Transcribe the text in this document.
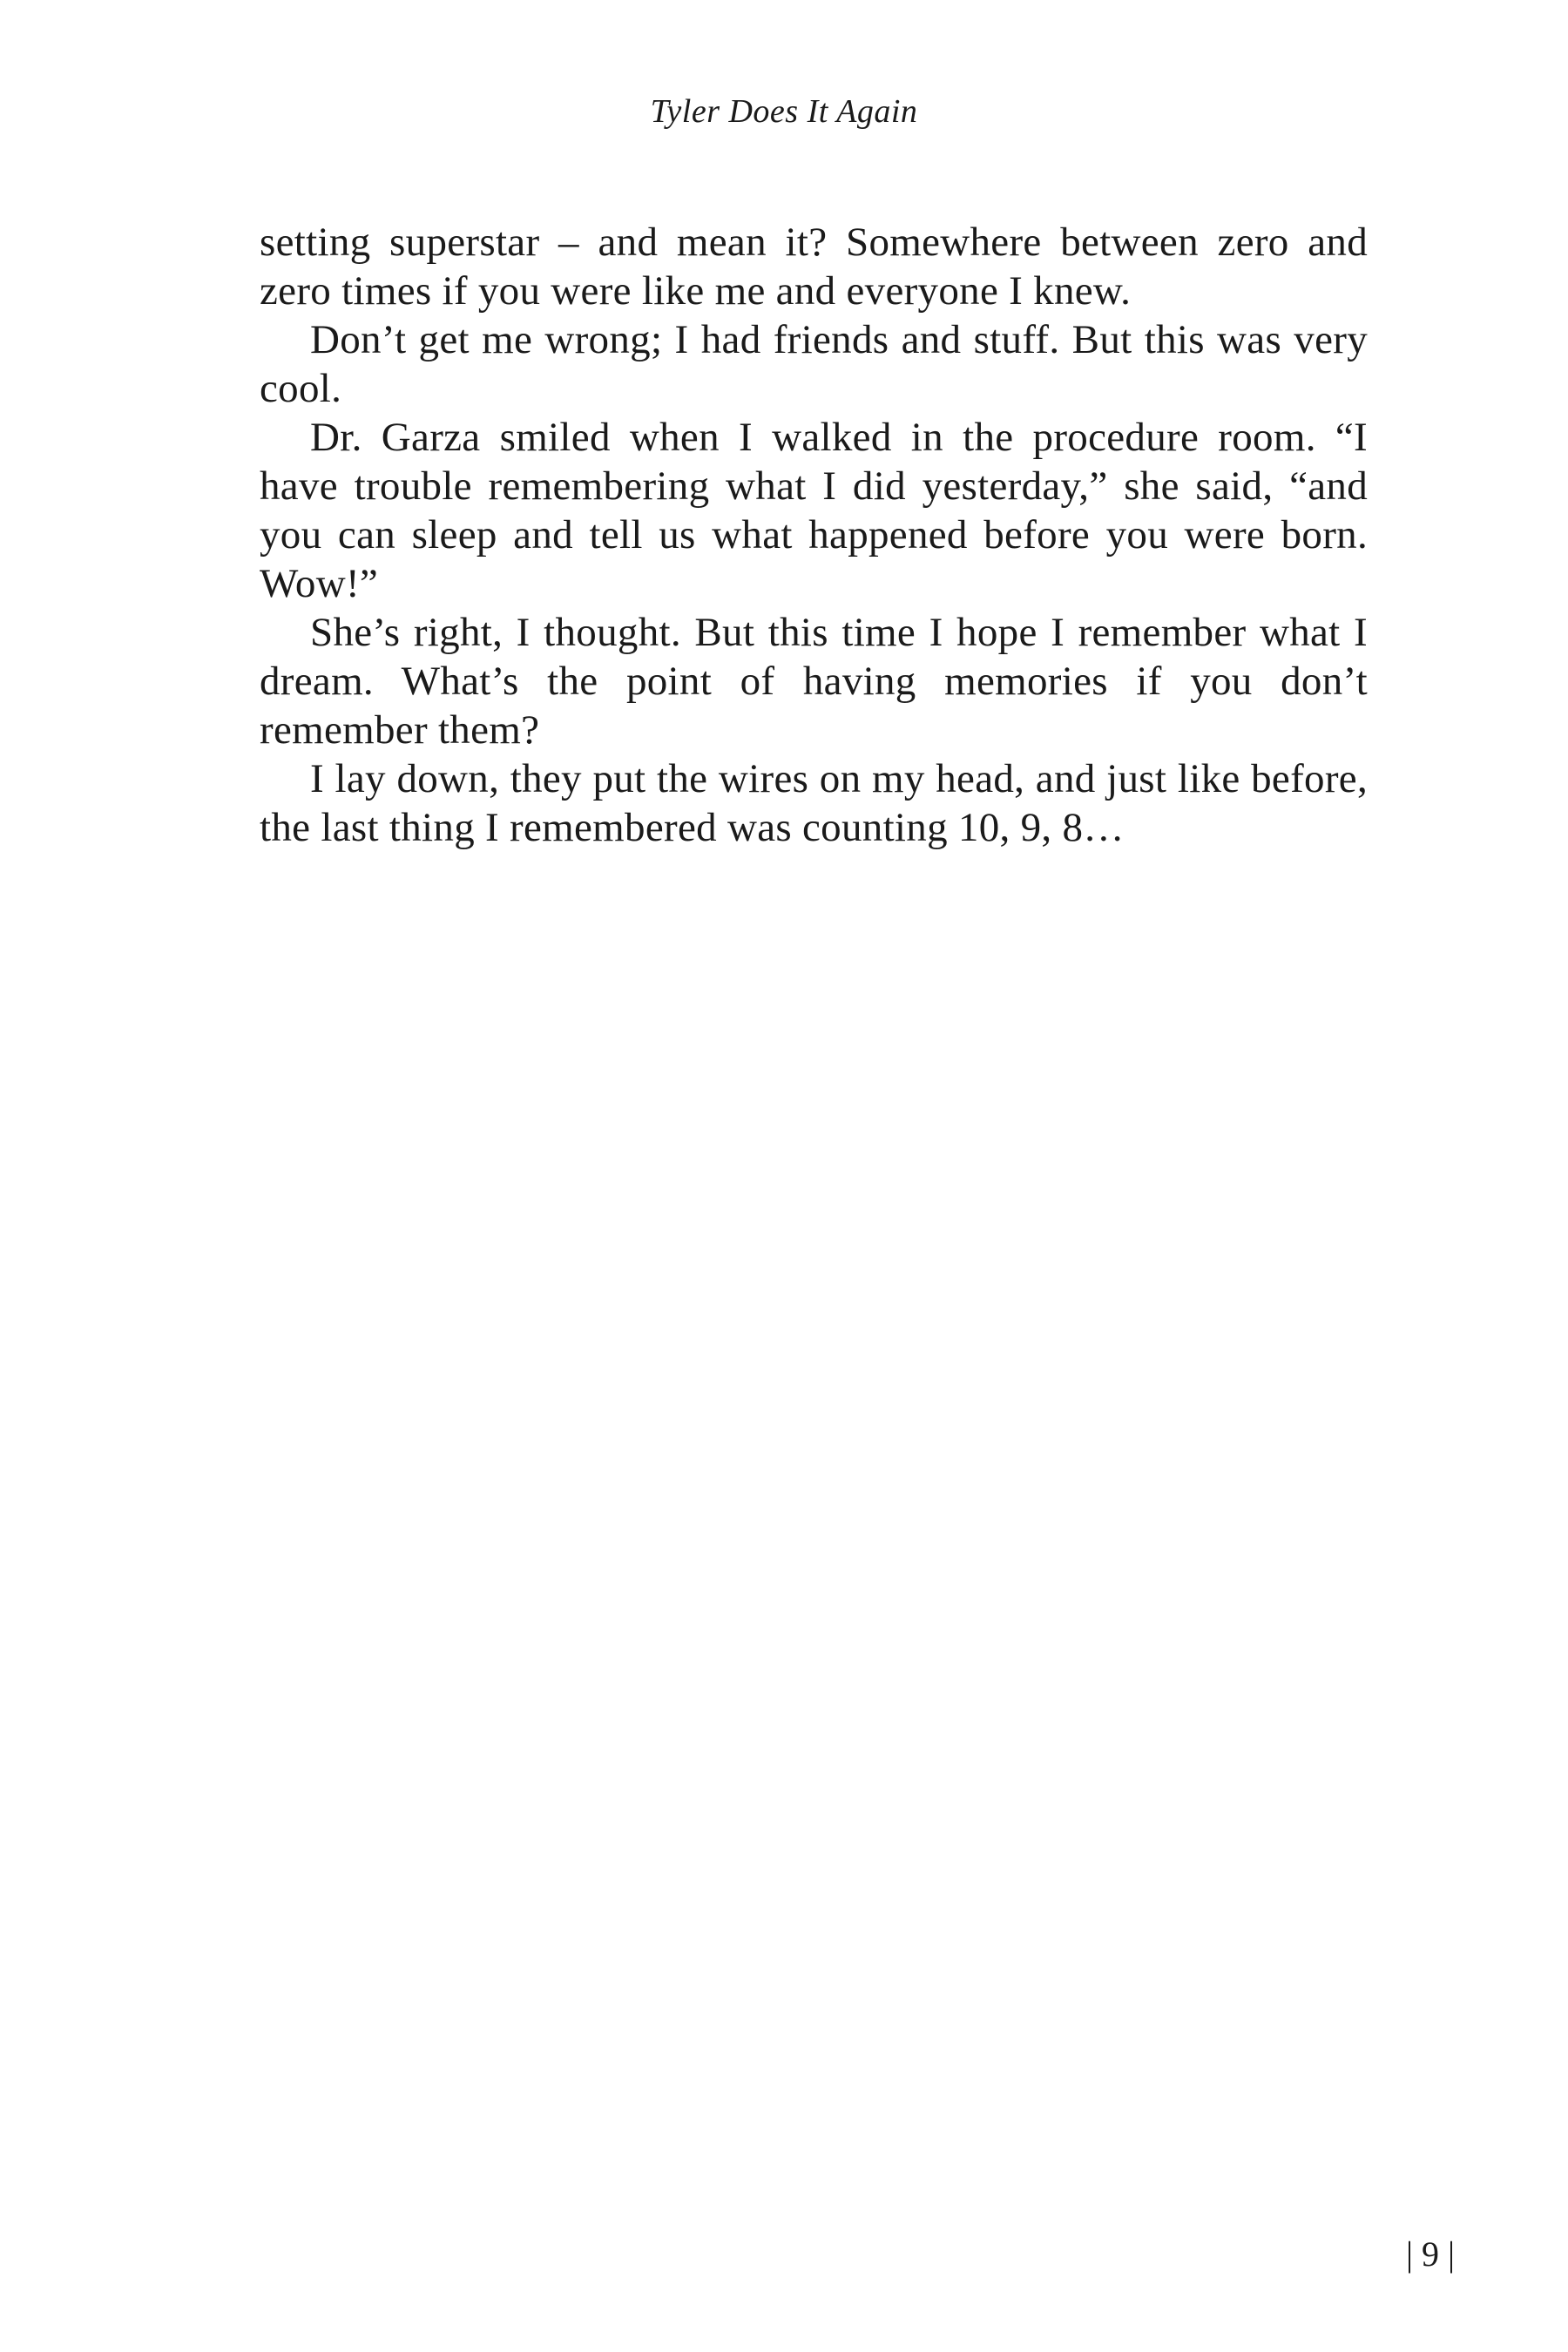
Tyler Does It Again

setting superstar – and mean it? Somewhere between zero and zero times if you were like me and everyone I knew.

Don’t get me wrong; I had friends and stuff. But this was very cool.

Dr. Garza smiled when I walked in the procedure room. “I have trouble remembering what I did yesterday,” she said, “and you can sleep and tell us what happened before you were born. Wow!”

She’s right, I thought. But this time I hope I remember what I dream. What’s the point of having memories if you don’t remember them?

I lay down, they put the wires on my head, and just like before, the last thing I remembered was counting 10, 9, 8…

| 9 |
